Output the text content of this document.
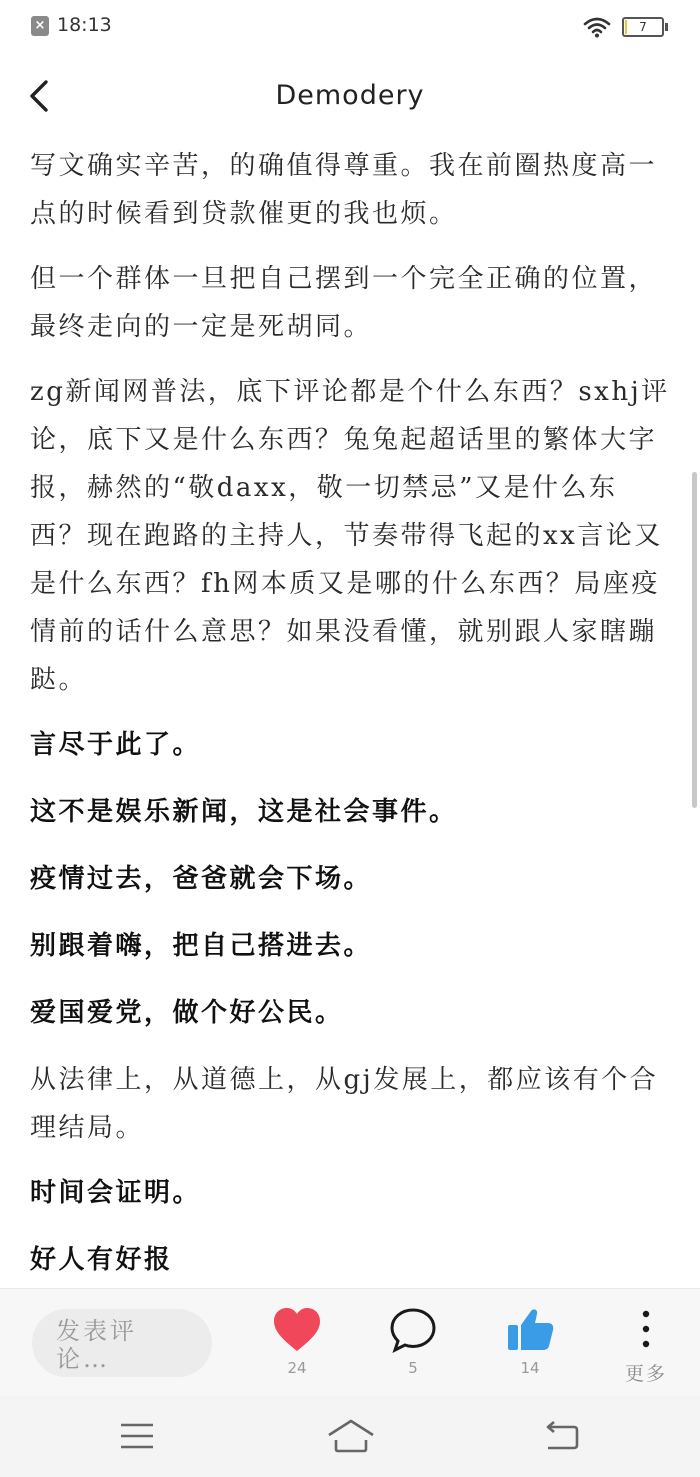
× 18:13	7
Demodery

写文确实辛苦，的确值得尊重。我在前圈热度高一点的时候看到贷款催更的我也烦。

但一个群体一旦把自己摆到一个完全正确的位置，最终走向的一定是死胡同。

zg新闻网普法，底下评论都是个什么东西？sxhj评论，底下又是什么东西？兔兔起超话里的繁体大字报，赫然的“敬daxx，敬一切禁忌”又是什么东西？现在跑路的主持人，节奏带得飞起的xx言论又是什么东西？fh网本质又是哪的什么东西？局座疫情前的话什么意思？如果没看懂，就别跟人家瞎蹦跶。

言尽于此了。

这不是娱乐新闻，这是社会事件。

疫情过去，爸爸就会下场。

别跟着嗨，把自己搭进去。

爱国爱党，做个好公民。

从法律上，从道德上，从gj发展上，都应该有个合理结局。

时间会证明。

好人有好报

发表评论…	24	5	14	更多
